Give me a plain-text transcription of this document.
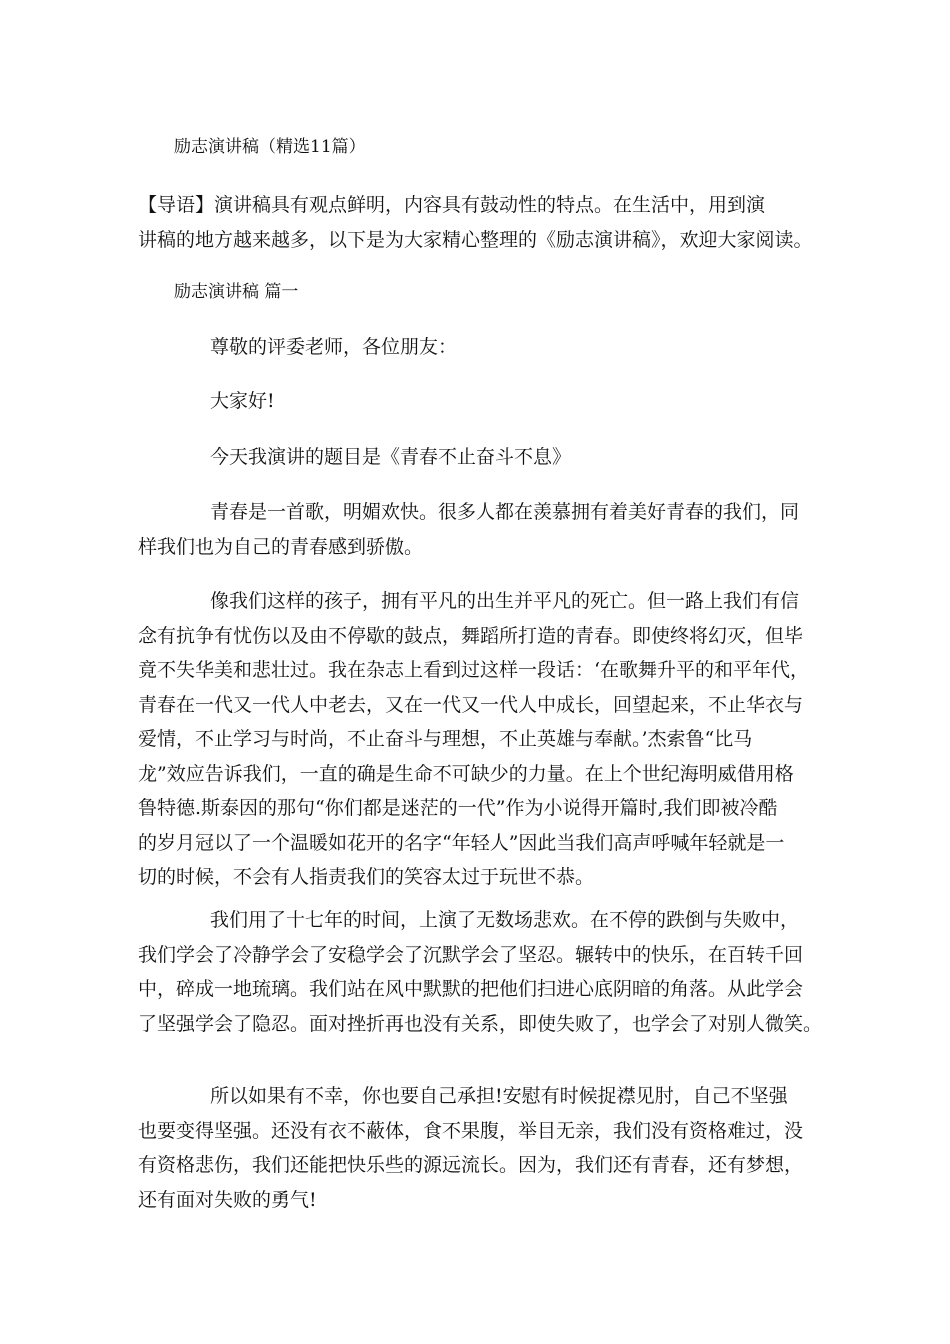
励志演讲稿（精选11篇）
【导语】演讲稿具有观点鲜明，内容具有鼓动性的特点。在生活中，用到演
讲稿的地方越来越多，以下是为大家精心整理的《励志演讲稿》，欢迎大家阅读。
励志演讲稿 篇一
尊敬的评委老师，各位朋友：
大家好!
今天我演讲的题目是《青春不止奋斗不息》
青春是一首歌，明媚欢快。很多人都在羡慕拥有着美好青春的我们，同
样我们也为自己的青春感到骄傲。
像我们这样的孩子，拥有平凡的出生并平凡的死亡。但一路上我们有信
念有抗争有忧伤以及由不停歇的鼓点，舞蹈所打造的青春。即使终将幻灭，但毕
竟不失华美和悲壮过。我在杂志上看到过这样一段话：‘在歌舞升平的和平年代，
青春在一代又一代人中老去，又在一代又一代人中成长，回望起来，不止华衣与
爱情，不止学习与时尚，不止奋斗与理想，不止英雄与奉献。’杰索鲁“比马
龙”效应告诉我们，一直的确是生命不可缺少的力量。在上个世纪海明威借用格
鲁特德.斯泰因的那句“你们都是迷茫的一代”作为小说得开篇时,我们即被冷酷
的岁月冠以了一个温暖如花开的名字“年轻人”因此当我们高声呼喊年轻就是一
切的时候，不会有人指责我们的笑容太过于玩世不恭。
我们用了十七年的时间，上演了无数场悲欢。在不停的跌倒与失败中，
我们学会了冷静学会了安稳学会了沉默学会了坚忍。辗转中的快乐，在百转千回
中，碎成一地琉璃。我们站在风中默默的把他们扫进心底阴暗的角落。从此学会
了坚强学会了隐忍。面对挫折再也没有关系，即使失败了，也学会了对别人微笑。
所以如果有不幸，你也要自己承担!安慰有时候捉襟见肘，自己不坚强
也要变得坚强。还没有衣不蔽体，食不果腹，举目无亲，我们没有资格难过，没
有资格悲伤，我们还能把快乐些的源远流长。因为，我们还有青春，还有梦想，
还有面对失败的勇气!
